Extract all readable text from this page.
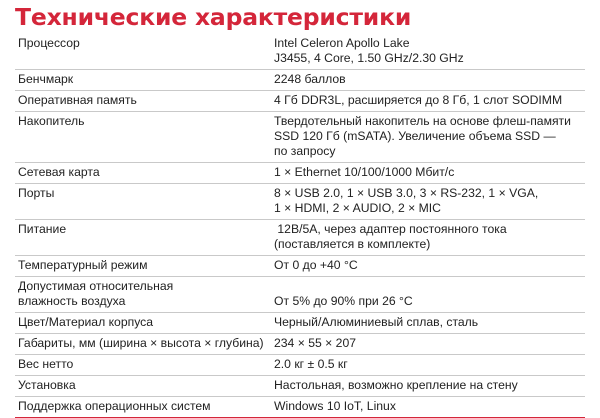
Технические характеристики
Процессор	Intel Celeron Apollo Lake
J3455, 4 Core, 1.50 GHz/2.30 GHz

Бенчмарк	2248 баллов
Оперативная память	4 Гб DDR3L, расширяется до 8 Гб, 1 слот SODIMM
Накопитель	Твердотельный накопитель на основе флеш-памяти
SSD 120 Гб (mSATA). Увеличение объема SSD —
по запросу

Сетевая карта	1 × Ethernet 10/100/1000 Мбит/с
Порты	8 × USB 2.0, 1 × USB 3.0, 3 × RS-232, 1 × VGA,
1 × HDMI, 2 × AUDIO, 2 × MIC

Питание	12В/5А, через адаптер постоянного тока
(поставляется в комплекте)

Температурный режим	От 0 до +40 °C

Допустимая относительная
влажность воздуха	От 5% до 90% при 26 °C
Цвет/Материал корпуса	Черный/Алюминиевый сплав, сталь
Габариты, мм (ширина × высота × глубина)	234 × 55 × 207
Вес нетто	2.0 кг ± 0.5 кг
Установка	Настольная, возможно крепление на стену
Поддержка операционных систем	Windows 10 IoT, Linux
